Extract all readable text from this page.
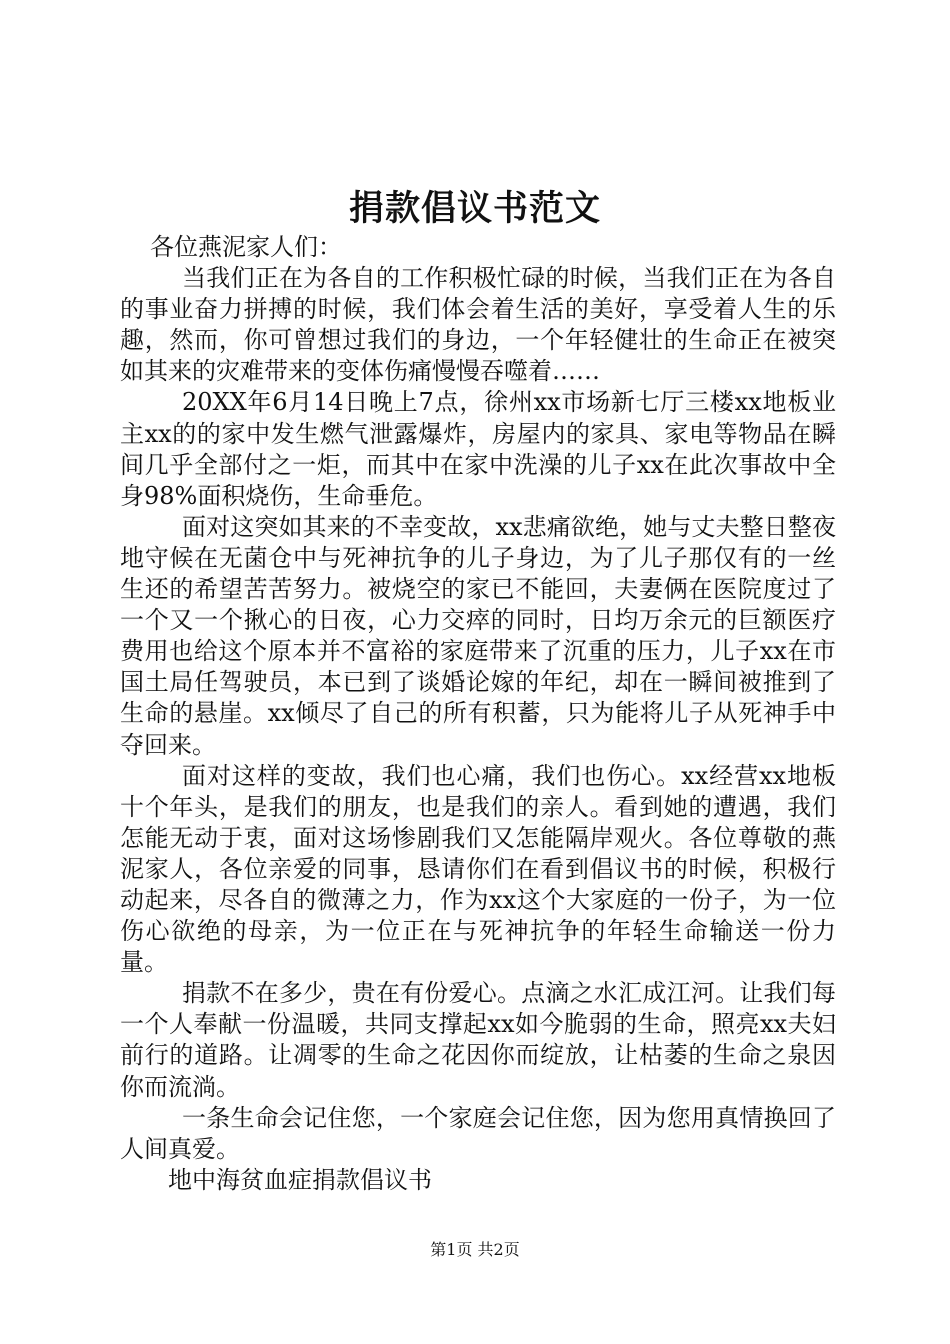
捐款倡议书范文

各位燕泥家人们：

当我们正在为各自的工作积极忙碌的时候，当我们正在为各自的事业奋力拼搏的时候，我们体会着生活的美好，享受着人生的乐趣，然而，你可曾想过我们的身边，一个年轻健壮的生命正在被突如其来的灾难带来的变体伤痛慢慢吞噬着……

20XX年6月14日晚上7点，徐州xx市场新七厅三楼xx地板业主xx的的家中发生燃气泄露爆炸，房屋内的家具、家电等物品在瞬间几乎全部付之一炬，而其中在家中洗澡的儿子xx在此次事故中全身98%面积烧伤，生命垂危。

面对这突如其来的不幸变故，xx悲痛欲绝，她与丈夫整日整夜地守候在无菌仓中与死神抗争的儿子身边，为了儿子那仅有的一丝生还的希望苦苦努力。被烧空的家已不能回，夫妻俩在医院度过了一个又一个揪心的日夜，心力交瘁的同时，日均万余元的巨额医疗费用也给这个原本并不富裕的家庭带来了沉重的压力，儿子xx在市国土局任驾驶员，本已到了谈婚论嫁的年纪，却在一瞬间被推到了生命的悬崖。xx倾尽了自己的所有积蓄，只为能将儿子从死神手中夺回来。

面对这样的变故，我们也心痛，我们也伤心。xx经营xx地板十个年头，是我们的朋友，也是我们的亲人。看到她的遭遇，我们怎能无动于衷，面对这场惨剧我们又怎能隔岸观火。各位尊敬的燕泥家人，各位亲爱的同事，恳请你们在看到倡议书的时候，积极行动起来，尽各自的微薄之力，作为xx这个大家庭的一份子，为一位伤心欲绝的母亲，为一位正在与死神抗争的年轻生命输送一份力量。

捐款不在多少，贵在有份爱心。点滴之水汇成江河。让我们每一个人奉献一份温暖，共同支撑起xx如今脆弱的生命，照亮xx夫妇前行的道路。让凋零的生命之花因你而绽放，让枯萎的生命之泉因你而流淌。

一条生命会记住您，一个家庭会记住您，因为您用真情换回了人间真爱。

地中海贫血症捐款倡议书

第1页 共2页
